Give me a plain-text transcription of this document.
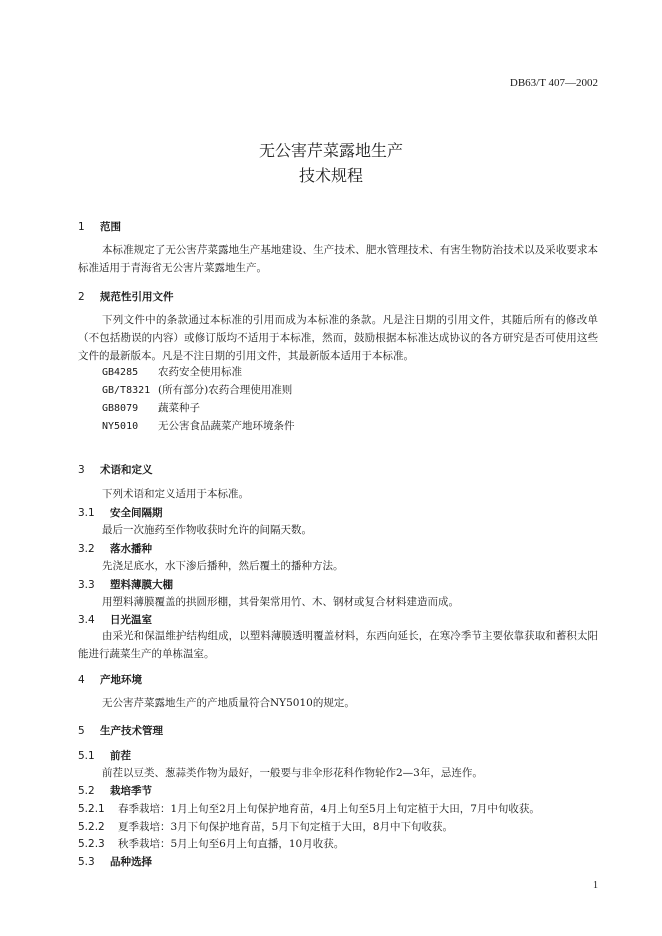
DB63/T 407—2002
无公害芹菜露地生产
技术规程
1 范围
本标准规定了无公害芹菜露地生产基地建设、生产技术、肥水管理技术、有害生物防治技术以及采收要求本标准适用于青海省无公害片菜露地生产。
2 规范性引用文件
下列文件中的条款通过本标准的引用而成为本标准的条款。凡是注日期的引用文件，其随后所有的修改单（不包括勘误的内容）或修订版均不适用于本标准，然而，鼓励根据本标准达成协议的各方研究是否可使用这些文件的最新版本。凡是不注日期的引用文件，其最新版本适用于本标准。
GB4285 农药安全使用标准
GB/T8321 (所有部分)农药合理使用准则
GB8079 蔬菜种子
NY5010 无公害食品蔬菜产地环境条件
3 术语和定义
下列术语和定义适用于本标准。
3.1 安全间隔期
最后一次施药至作物收获时允许的间隔天数。
3.2 落水播种
先浇足底水，水下渗后播种，然后覆土的播种方法。
3.3 塑料薄膜大棚
用塑料薄膜覆盖的拱圆形棚，其骨架常用竹、木、钢材或复合材料建造而成。
3.4 日光温室
由采光和保温维护结构组成，以塑料薄膜透明覆盖材料，东西向延长，在寒冷季节主要依靠获取和蓄积太阳能进行蔬菜生产的单栋温室。
4 产地环境
无公害芹菜露地生产的产地质量符合NY5010的规定。
5 生产技术管理
5.1 前茬
前茬以豆类、葱蒜类作物为最好，一般要与非伞形花科作物轮作2—3年，忌连作。
5.2 栽培季节
5.2.1 春季栽培：1月上旬至2月上旬保护地育苗，4月上旬至5月上旬定植于大田，7月中旬收获。
5.2.2 夏季栽培：3月下旬保护地育苗，5月下旬定植于大田，8月中下旬收获。
5.2.3 秋季栽培：5月上旬至6月上旬直播，10月收获。
5.3 品种选择
1
